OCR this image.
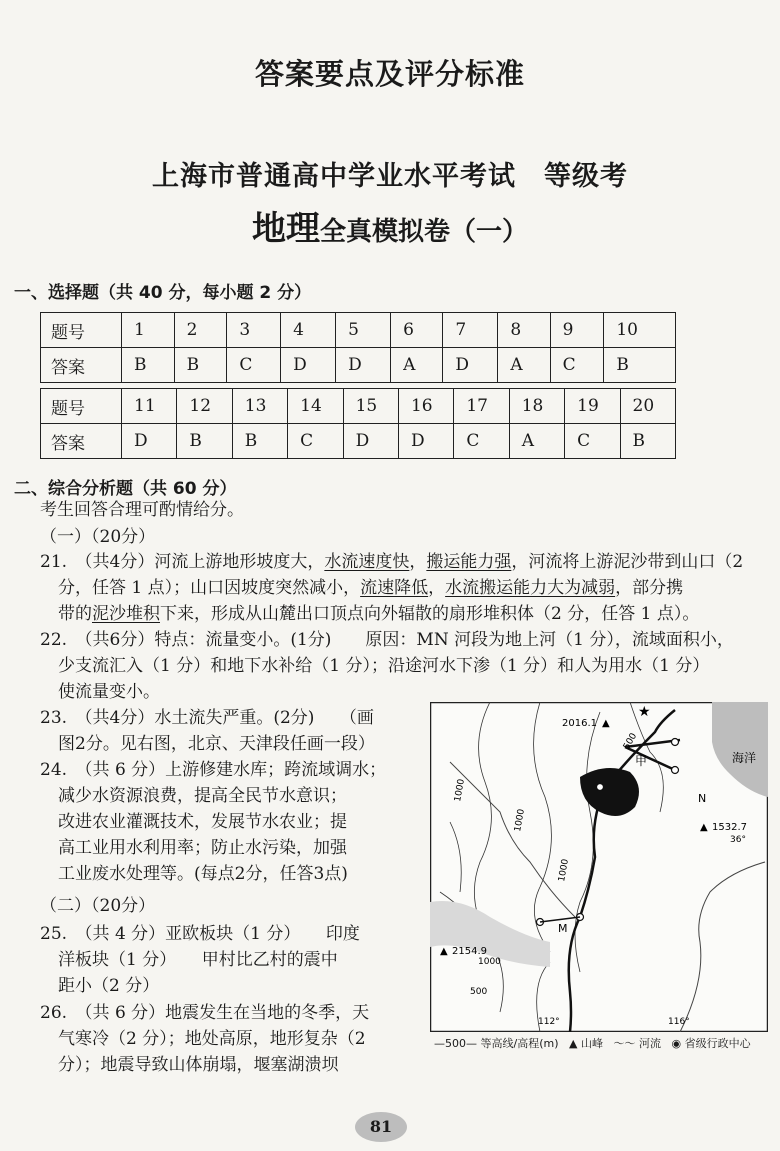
答案要点及评分标准
上海市普通高中学业水平考试　等级考
地理全真模拟卷（一）
一、选择题（共 40 分，每小题 2 分）
题号	1	2	3	4	5	6	7	8	9	10
答案	B	B	C	D	D	A	D	A	C	B
题号	11	12	13	14	15	16	17	18	19	20
答案	D	B	B	C	D	D	C	A	C	B
二、综合分析题（共 60 分）
考生回答合理可酌情给分。
（一）（20分）
21.　（共4分）河流上游地形坡度大，水流速度快，搬运能力强，河流将上游泥沙带到山口（2
分，任答 1 点）；山口因坡度突然减小，流速降低，水流搬运能力大为减弱，部分携
带的泥沙堆积下来，形成从山麓出口顶点向外辐散的扇形堆积体（2 分，任答 1 点）。
22.　（共6分）特点：流量变小。(1分)　　原因：MN 河段为地上河（1 分），流域面积小，
少支流汇入（1 分）和地下水补给（1 分）；沿途河水下渗（1 分）和人为用水（1 分）
使流量变小。
23.　（共4分）水土流失严重。(2分)　　（画
图2分。见右图，北京、天津段任画一段）
24.　（共 6 分）上游修建水库；跨流域调水；
减少水资源浪费，提高全民节水意识；
改进农业灌溉技术，发展节水农业；提
高工业用水利用率；防止水污染，加强
工业废水处理等。(每点2分，任答3点)
（二）（20分）
25.　（共 4 分）亚欧板块（1 分）　　印度
洋板块（1 分）　　甲村比乙村的震中
距小（2 分）
26.　（共 6 分）地震发生在当地的冬季，天
气寒冷（2 分）；地处高原，地形复杂（2
分）；地震导致山体崩塌，堰塞湖溃坝
海洋
甲
★
M
N
2016.1 ▲
▲ 1532.7
▲ 2154.9
500
1000
1000
1000
1000
500
36°
112°	116°
—500— 等高线/高程(m) ▲ 山峰 ～～ 河流 ◉ 省级行政中心
81
